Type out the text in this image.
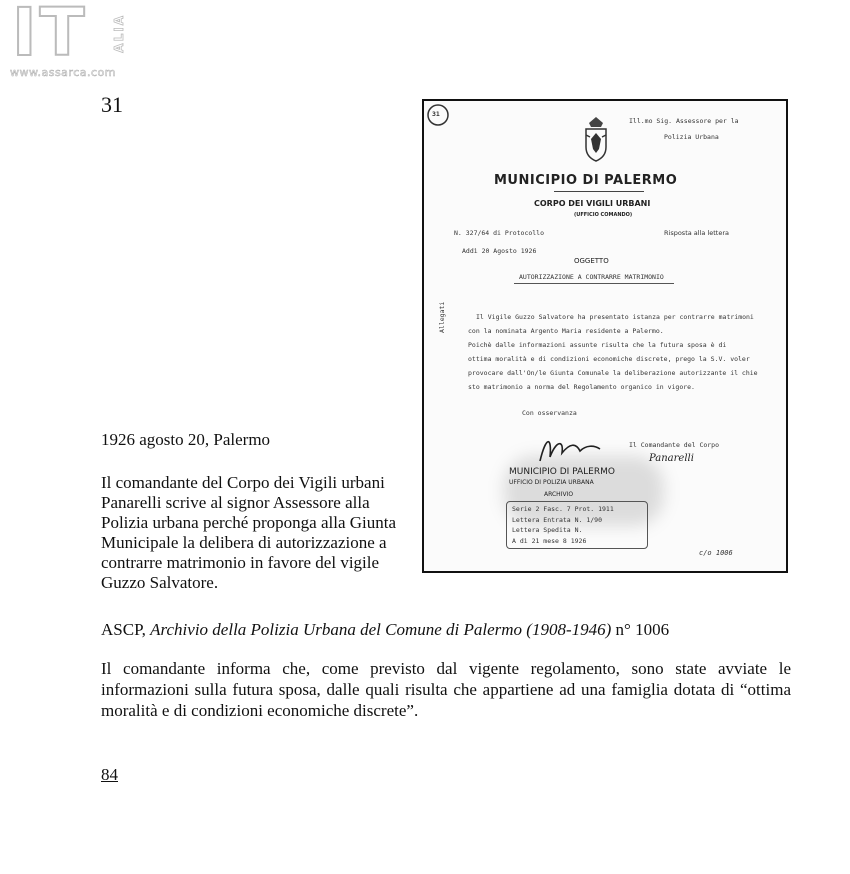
IT ALIA
www.assarca.com
31	31
Ill.mo Sig. Assessore per la
Polizia Urbana
MUNICIPIO DI PALERMO
CORPO DEI VIGILI URBANI
(UFFICIO COMANDO)
N. 327/64 di Protocollo	Risposta alla lettera
Addì 20 Agosto 1926
OGGETTO
AUTORIZZAZIONE A CONTRARRE MATRIMONIO
Allegati	Il Vigile Guzzo Salvatore ha presentato istanza per contrarre matrimoni
con la nominata Argento Maria residente a Palermo.
Poichè dalle informazioni assunte risulta che la futura sposa è di
ottima moralità e di condizioni economiche discrete, prego la S.V. voler
provocare dall'On/le Giunta Comunale la deliberazione autorizzante il chie
sto matrimonio a norma del Regolamento organico in vigore.
Con osservanza
Il Comandante del Corpo
Panarelli
MUNICIPIO DI PALERMO
UFFICIO DI POLIZIA URBANA
ARCHIVIO
Serie 2 Fasc. 7 Prot. 1911
Lettera Entrata N. 1/90
Lettera Spedita N.
A dì 21 mese 8 1926
c/o 1006
1926 agosto 20, Palermo
Il comandante del Corpo dei Vigili urbani Panarelli scrive al signor Assessore alla Polizia urbana perché proponga alla Giunta Municipale la delibera di autorizzazione a contrarre matrimonio in favore del vigile Guzzo Salvatore.
ASCP, Archivio della Polizia Urbana del Comune di Palermo (1908-1946) n° 1006
Il comandante informa che, come previsto dal vigente regolamento, sono state avviate le informazioni sulla futura sposa, dalle quali risulta che appartiene ad una famiglia dotata di “ottima moralità e di condizioni economiche discrete”.
84
